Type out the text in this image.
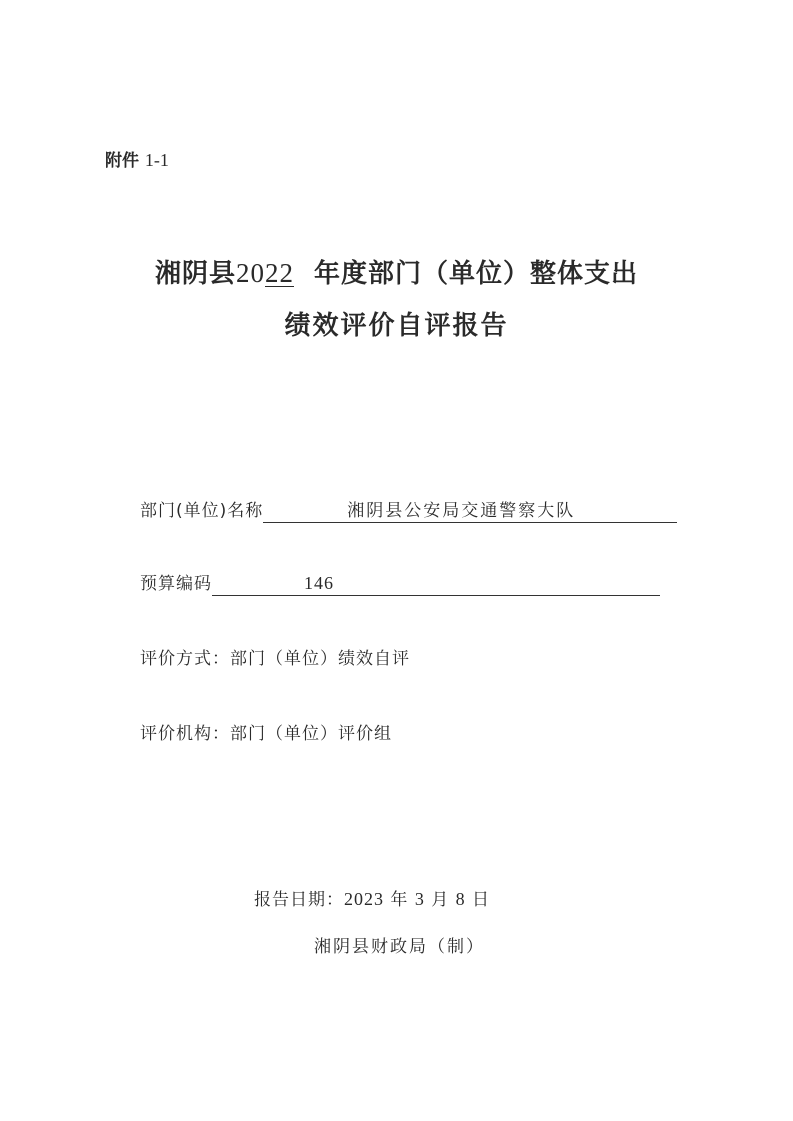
附件 1-1
湘阴县2022 年度部门（单位）整体支出
绩效评价自评报告
部门(单位)名称	湘阴县公安局交通警察大队
预算编码	146
评价方式：部门（单位）绩效自评
评价机构：部门（单位）评价组
报告日期：2023 年 3 月 8 日
湘阴县财政局（制）
